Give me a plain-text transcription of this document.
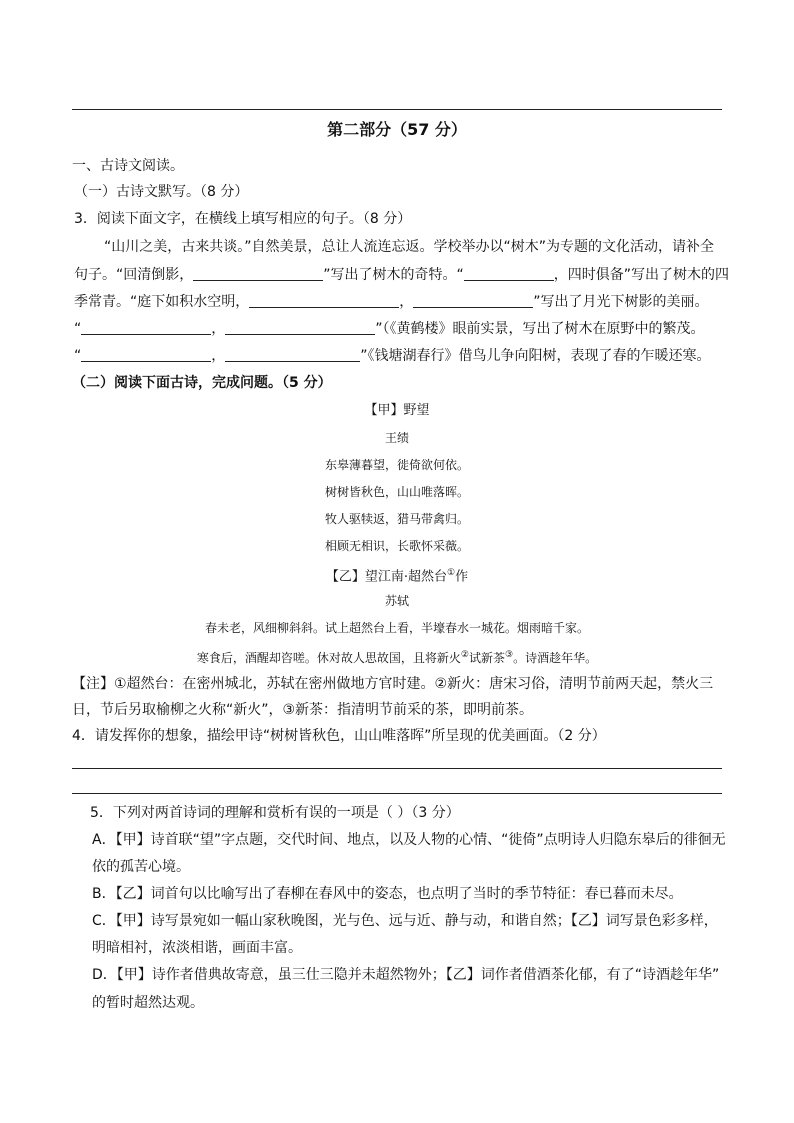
第二部分（57 分）
一、古诗文阅读。
（一）古诗文默写。（8 分）
3．阅读下面文字，在横线上填写相应的句子。（8 分）
“山川之美，古来共谈。”自然美景，总让人流连忘返。学校举办以“树木”为专题的文化活动，请补全
句子。“回清倒影，	”写出了树木的奇特。“	，四时俱备”写出了树木的四
季常青。“庭下如积水空明，	，	”写出了月光下树影的美丽。
“	，	”（《黄鹤楼》眼前实景，写出了树木在原野中的繁茂。
“	，	”《钱塘湖春行》借鸟儿争向阳树，表现了春的乍暖还寒。
（二）阅读下面古诗，完成问题。（5 分）
【甲】野望
王绩
东皋薄暮望，徙倚欲何依。
树树皆秋色，山山唯落晖。
牧人驱犊返，猎马带禽归。
相顾无相识，长歌怀采薇。
【乙】望江南·超然台①作
苏轼
春未老，风细柳斜斜。试上超然台上看，半壕春水一城花。烟雨暗千家。
寒食后，酒醒却咨嗟。休对故人思故国，且将新火②试新茶③。诗酒趁年华。
【注】①超然台：在密州城北，苏轼在密州做地方官时建。②新火：唐宋习俗，清明节前两天起，禁火三
日，节后另取榆柳之火称“新火”，③新茶：指清明节前采的茶，即明前茶。
4．请发挥你的想象，描绘甲诗“树树皆秋色，山山唯落晖”所呈现的优美画面。（2 分）
5．下列对两首诗词的理解和赏析有误的一项是（ ）（3 分）
A．【甲】诗首联“望”字点题，交代时间、地点，以及人物的心情、“徙倚”点明诗人归隐东皋后的徘徊无
依的孤苦心境。
B．【乙】词首句以比喻写出了春柳在春风中的姿态，也点明了当时的季节特征：春已暮而未尽。
C．【甲】诗写景宛如一幅山家秋晚图，光与色、远与近、静与动，和谐自然；【乙】词写景色彩多样，
明暗相衬，浓淡相谐，画面丰富。
D．【甲】诗作者借典故寄意，虽三仕三隐并未超然物外；【乙】词作者借酒茶化郁，有了“诗酒趁年华”
的暂时超然达观。
